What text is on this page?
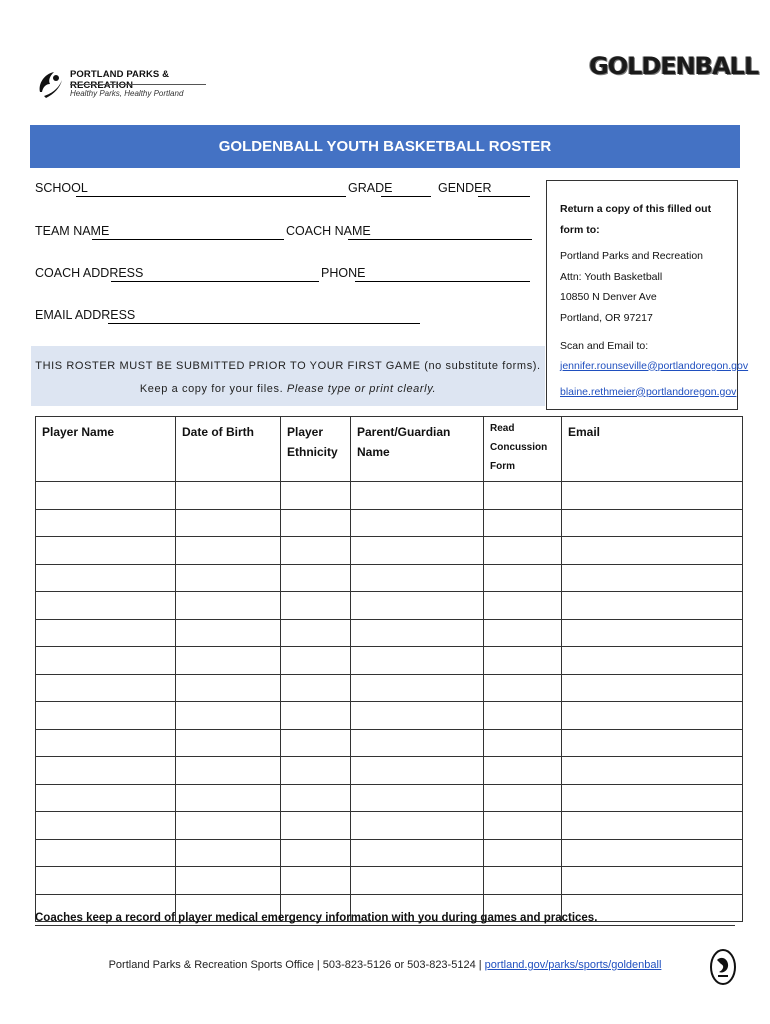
PORTLAND PARKS & RECREATION
Healthy Parks, Healthy Portland
GOLDENBALL
GOLDENBALL YOUTH BASKETBALL ROSTER
SCHOOL	GRADE	GENDER
TEAM NAME	COACH NAME
COACH ADDRESS	PHONE
EMAIL ADDRESS
Return a copy of this filled out form to:
Portland Parks and Recreation
Attn: Youth Basketball
10850 N Denver Ave
Portland, OR 97217
Scan and Email to:
jennifer.rounseville@portlandoregon.gov
blaine.rethmeier@portlandoregon.gov
THIS ROSTER MUST BE SUBMITTED PRIOR TO YOUR FIRST GAME (no substitute forms).
Keep a copy for your files. Please type or print clearly.
Player Name	Date of Birth	Player Ethnicity	Parent/Guardian Name	Read Concussion Form	Email

Coaches keep a record of player medical emergency information with you during games and practices.
Portland Parks & Recreation Sports Office | 503-823-5126 or 503-823-5124 | portland.gov/parks/sports/goldenball
